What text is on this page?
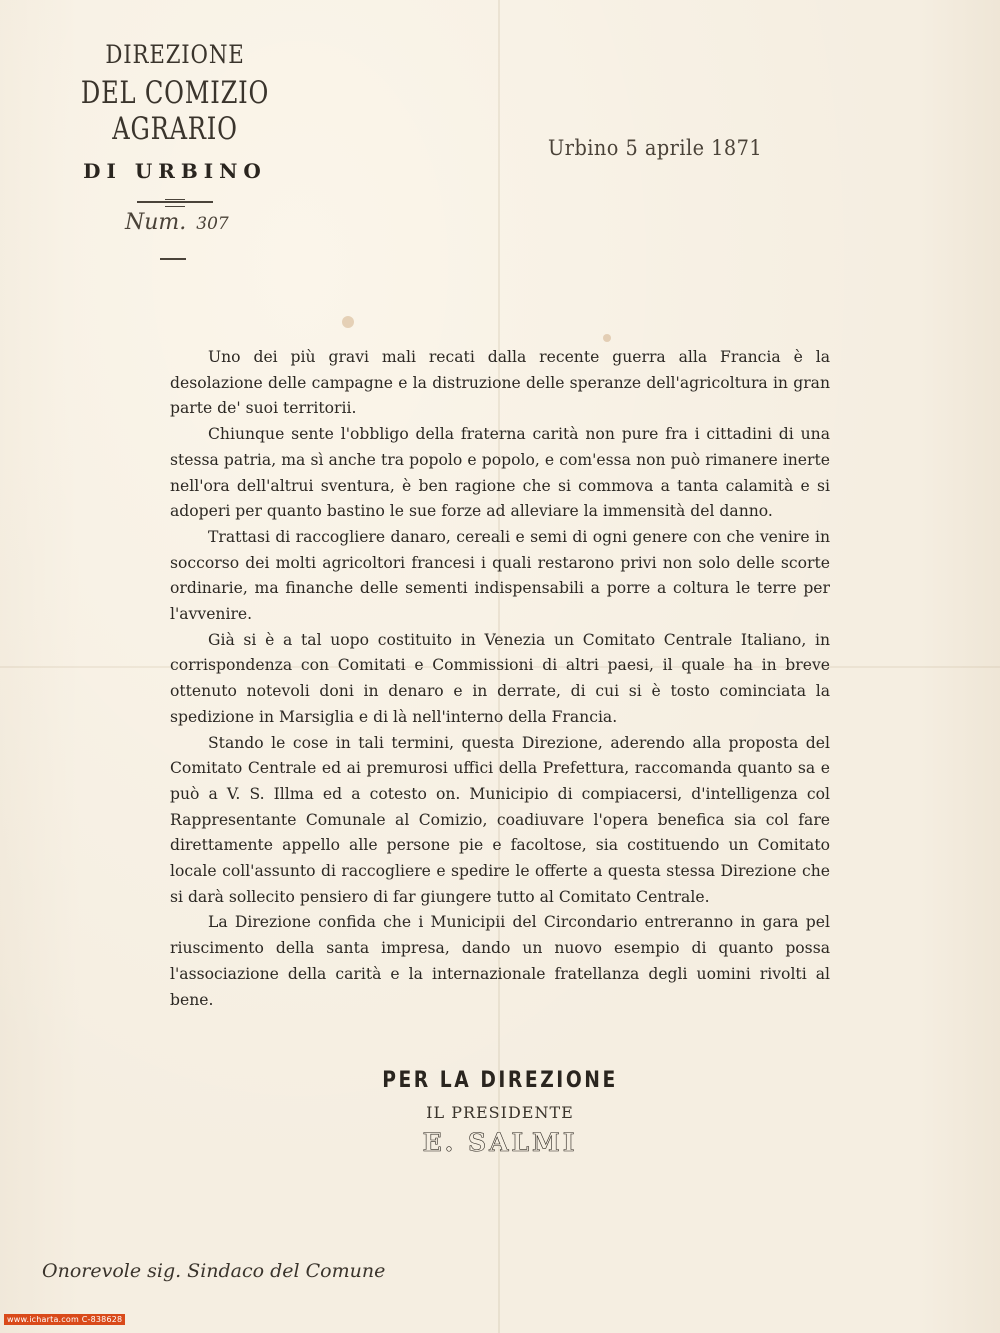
DIREZIONE
DEL COMIZIO AGRARIO
DI URBINO
Num. 307
Urbino 5 aprile 1871

Uno dei più gravi mali recati dalla recente guerra alla Francia è la desolazione delle campagne e la distruzione delle speranze dell'agricoltura in gran parte de' suoi territorii.

Chiunque sente l'obbligo della fraterna carità non pure fra i cittadini di una stessa patria, ma sì anche tra popolo e popolo, e com'essa non può rimanere inerte nell'ora dell'altrui sventura, è ben ragione che si commova a tanta calamità e si adoperi per quanto bastino le sue forze ad alleviare la immensità del danno.

Trattasi di raccogliere danaro, cereali e semi di ogni genere con che venire in soccorso dei molti agricoltori francesi i quali restarono privi non solo delle scorte ordinarie, ma finanche delle sementi indispensabili a porre a coltura le terre per l'avvenire.

Già si è a tal uopo costituito in Venezia un Comitato Centrale Italiano, in corrispondenza con Comitati e Commissioni di altri paesi, il quale ha in breve ottenuto notevoli doni in denaro e in derrate, di cui si è tosto cominciata la spedizione in Marsiglia e di là nell'interno della Francia.

Stando le cose in tali termini, questa Direzione, aderendo alla proposta del Comitato Centrale ed ai premurosi uffici della Prefettura, raccomanda quanto sa e può a V. S. Illma ed a cotesto on. Municipio di compiacersi, d'intelligenza col Rappresentante Comunale al Comizio, coadiuvare l'opera benefica sia col fare direttamente appello alle persone pie e facoltose, sia costituendo un Comitato locale coll'assunto di raccogliere e spedire le offerte a questa stessa Direzione che si darà sollecito pensiero di far giungere tutto al Comitato Centrale.

La Direzione confida che i Municipii del Circondario entreranno in gara pel riuscimento della santa impresa, dando un nuovo esempio di quanto possa l'associazione della carità e la internazionale fratellanza degli uomini rivolti al bene.

PER LA DIREZIONE
IL PRESIDENTE
E. SALMI
Onorevole sig. Sindaco del Comune
www.icharta.com C-838628
